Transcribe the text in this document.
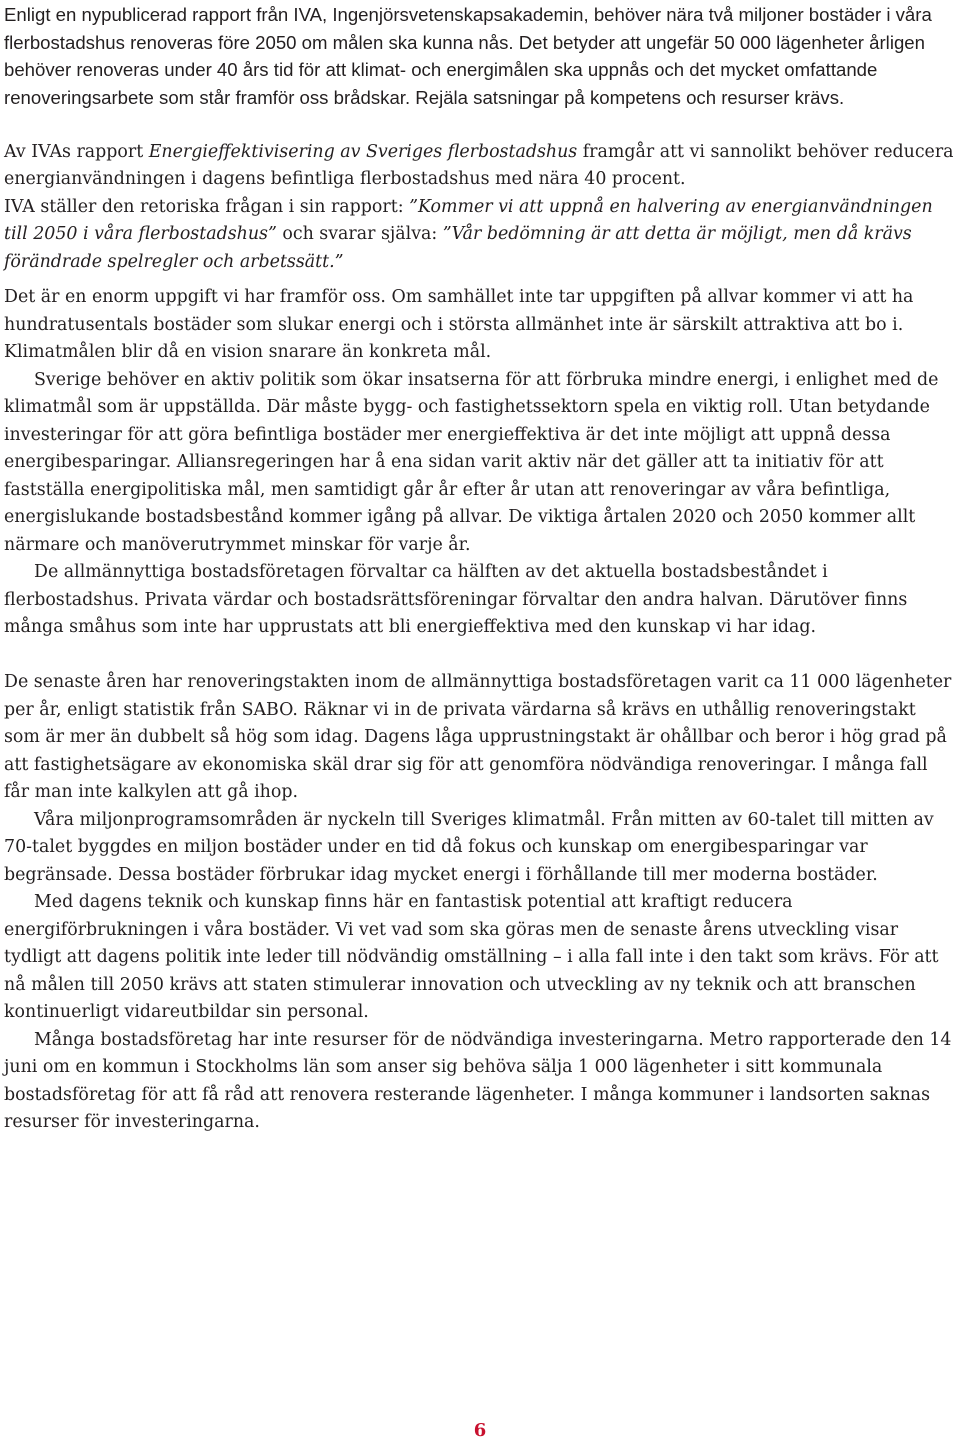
Enligt en nypublicerad rapport från IVA, Ingenjörsvetenskapsakademin, behöver nära två miljoner bostäder i våra flerbostadshus renoveras före 2050 om målen ska kunna nås. Det betyder att ungefär 50 000 lägenheter årligen behöver renoveras under 40 års tid för att klimat- och energimålen ska uppnås och det mycket omfattande renoveringsarbete som står framför oss brådskar. Rejäla satsningar på kompetens och resurser krävs.

Av IVAs rapport Energieffektivisering av Sveriges flerbostadshus framgår att vi sannolikt behöver reducera energianvändningen i dagens befintliga flerbostadshus med nära 40 procent.

IVA ställer den retoriska frågan i sin rapport: ”Kommer vi att uppnå en halvering av energianvändningen till 2050 i våra flerbostadshus” och svarar själva: ”Vår bedömning är att detta är möjligt, men då krävs förändrade spelregler och arbetssätt.”

Det är en enorm uppgift vi har framför oss. Om samhället inte tar uppgiften på allvar kommer vi att ha hundratusentals bostäder som slukar energi och i största allmänhet inte är särskilt attraktiva att bo i. Klimatmålen blir då en vision snarare än konkreta mål.

Sverige behöver en aktiv politik som ökar insatserna för att förbruka mindre energi, i enlighet med de klimatmål som är uppställda. Där måste bygg- och fastighetssektorn spela en viktig roll. Utan betydande investeringar för att göra befintliga bostäder mer energieffektiva är det inte möjligt att uppnå dessa energibesparingar. Alliansregeringen har å ena sidan varit aktiv när det gäller att ta initiativ för att fastställa energipolitiska mål, men samtidigt går år efter år utan att renoveringar av våra befintliga, energislukande bostadsbestånd kommer igång på allvar. De viktiga årtalen 2020 och 2050 kommer allt närmare och manöverutrymmet minskar för varje år.

De allmännyttiga bostadsföretagen förvaltar ca hälften av det aktuella bostadsbeståndet i flerbostadshus. Privata värdar och bostadsrättsföreningar förvaltar den andra halvan. Därutöver finns många småhus som inte har upprustats att bli energieffektiva med den kunskap vi har idag.

De senaste åren har renoveringstakten inom de allmännyttiga bostadsföretagen varit ca 11 000 lägenheter per år, enligt statistik från SABO. Räknar vi in de privata värdarna så krävs en uthållig renoveringstakt som är mer än dubbelt så hög som idag. Dagens låga upprustningstakt är ohållbar och beror i hög grad på att fastighetsägare av ekonomiska skäl drar sig för att genomföra nödvändiga renoveringar. I många fall får man inte kalkylen att gå ihop.

Våra miljonprogramsområden är nyckeln till Sveriges klimatmål. Från mitten av 60-talet till mitten av 70-talet byggdes en miljon bostäder under en tid då fokus och kunskap om energibesparingar var begränsade. Dessa bostäder förbrukar idag mycket energi i förhållande till mer moderna bostäder.

Med dagens teknik och kunskap finns här en fantastisk potential att kraftigt reducera energiförbrukningen i våra bostäder. Vi vet vad som ska göras men de senaste årens utveckling visar tydligt att dagens politik inte leder till nödvändig omställning – i alla fall inte i den takt som krävs. För att nå målen till 2050 krävs att staten stimulerar innovation och utveckling av ny teknik och att branschen kontinuerligt vidareutbildar sin personal.

Många bostadsföretag har inte resurser för de nödvändiga investeringarna. Metro rapporterade den 14 juni om en kommun i Stockholms län som anser sig behöva sälja 1 000 lägenheter i sitt kommunala bostadsföretag för att få råd att renovera resterande lägenheter. I många kommuner i landsorten saknas resurser för investeringarna.

6
